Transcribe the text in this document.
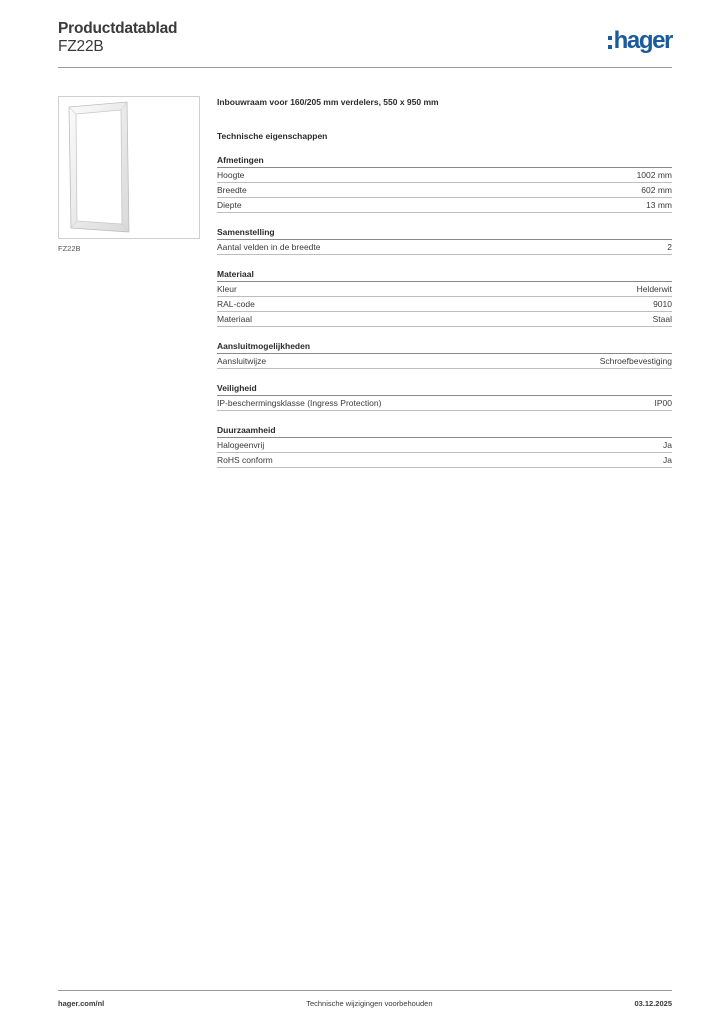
Productdatablad
FZ22B	hager
FZ22B
Inbouwraam voor 160/205 mm verdelers, 550 x 950 mm
Technische eigenschappen
Afmetingen
Hoogte	1002 mm
Breedte	602 mm
Diepte	13 mm
Samenstelling
Aantal velden in de breedte	2
Materiaal
Kleur	Helderwit
RAL-code	9010
Materiaal	Staal
Aansluitmogelijkheden
Aansluitwijze	Schroefbevestiging
Veiligheid
IP-beschermingsklasse (Ingress Protection)	IP00
Duurzaamheid
Halogeenvrij	Ja
RoHS conform	Ja
hager.com/nl	Technische wijzigingen voorbehouden	03.12.2025
